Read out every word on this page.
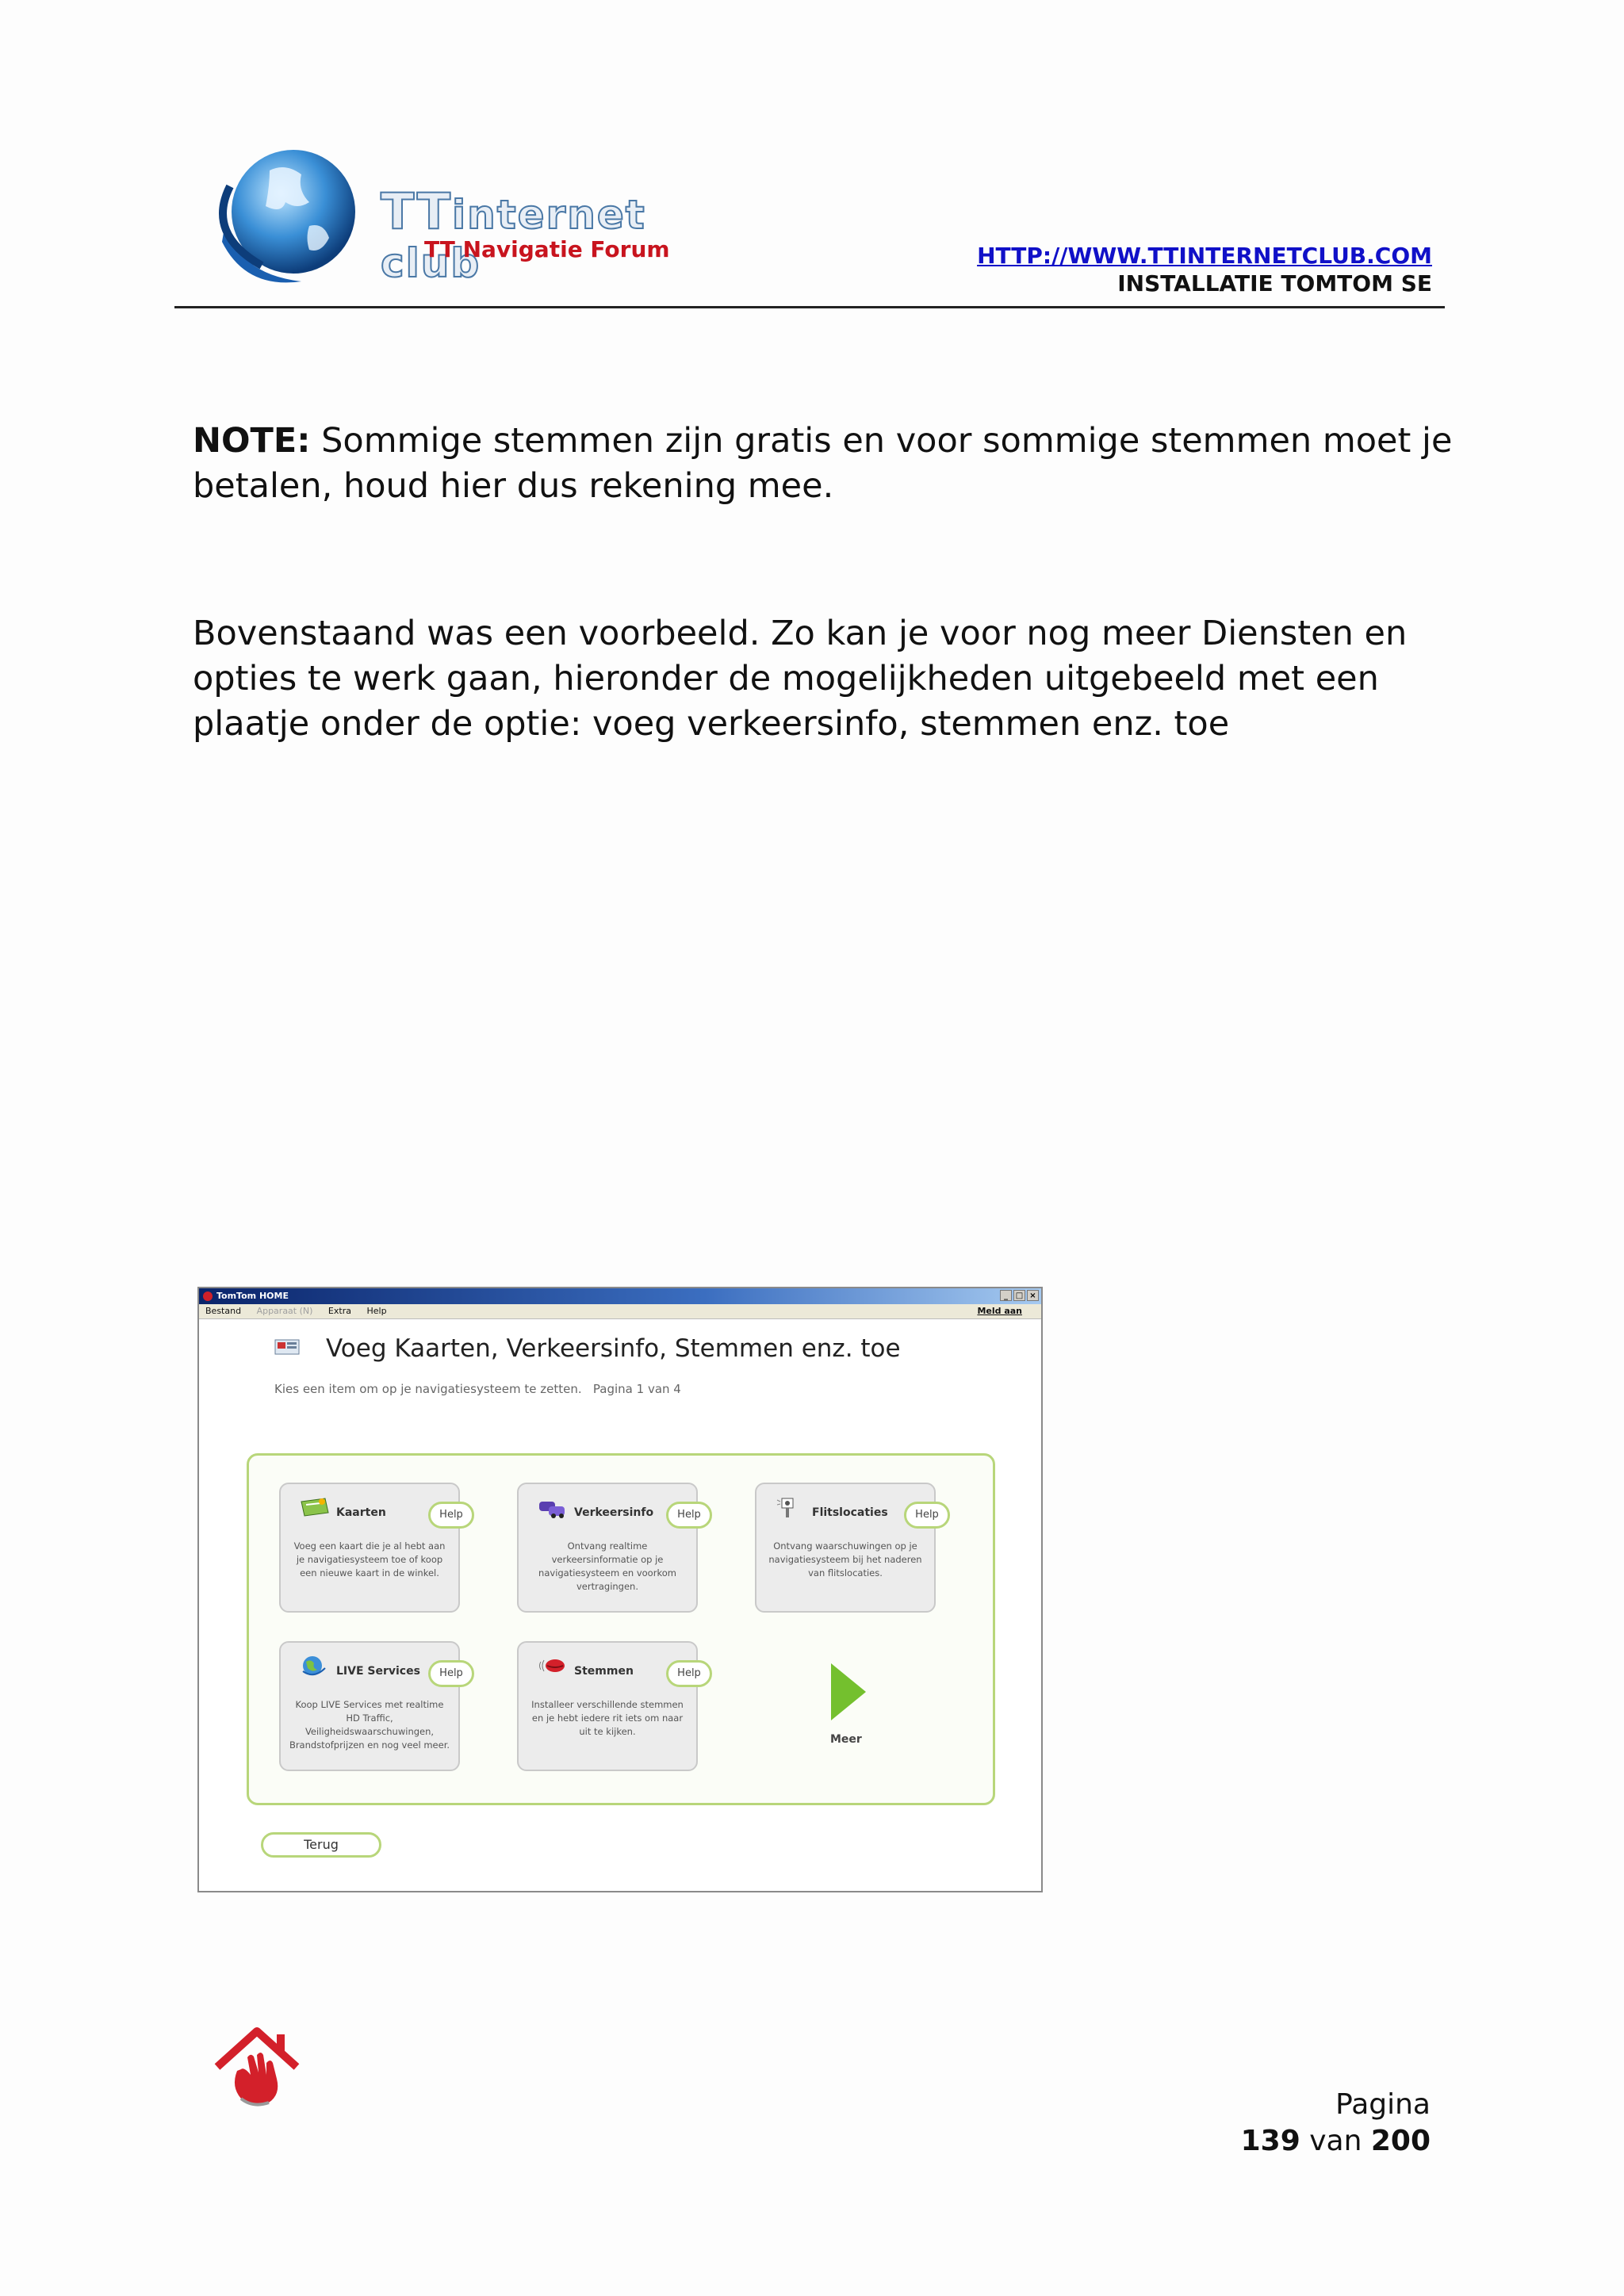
TTinternet club
TT Navigatie Forum	HTTP://WWW.TTINTERNETCLUB.COM
INSTALLATIE TOMTOM SE

NOTE: Sommige stemmen zijn gratis en voor sommige stemmen moet je betalen, houd hier dus rekening mee.

Bovenstaand was een voorbeeld. Zo kan je voor nog meer Diensten en opties te werk gaan, hieronder de mogelijkheden uitgebeeld met een plaatje onder de optie: voeg verkeersinfo, stemmen enz. toe

TomTom HOME	_ □ ×
Bestand Apparaat (N) Extra Help	Meld aan
Voeg Kaarten, Verkeersinfo, Stemmen enz. toe
Kies een item om op je navigatiesysteem te zetten. Pagina 1 van 4
Kaarten	Help
Voeg een kaart die je al hebt aan je navigatiesysteem toe of koop een nieuwe kaart in de winkel.
Verkeersinfo	Help
Ontvang realtime verkeersinformatie op je navigatiesysteem en voorkom vertragingen.
Flitslocaties	Help
Ontvang waarschuwingen op je navigatiesysteem bij het naderen van flitslocaties.
LIVE Services	Help
Koop LIVE Services met realtime HD Traffic, Veiligheidswaarschuwingen, Brandstofprijzen en nog veel meer.
Stemmen	Help
Installeer verschillende stemmen en je hebt iedere rit iets om naar uit te kijken.
Meer
Terug
Pagina
139 van 200
